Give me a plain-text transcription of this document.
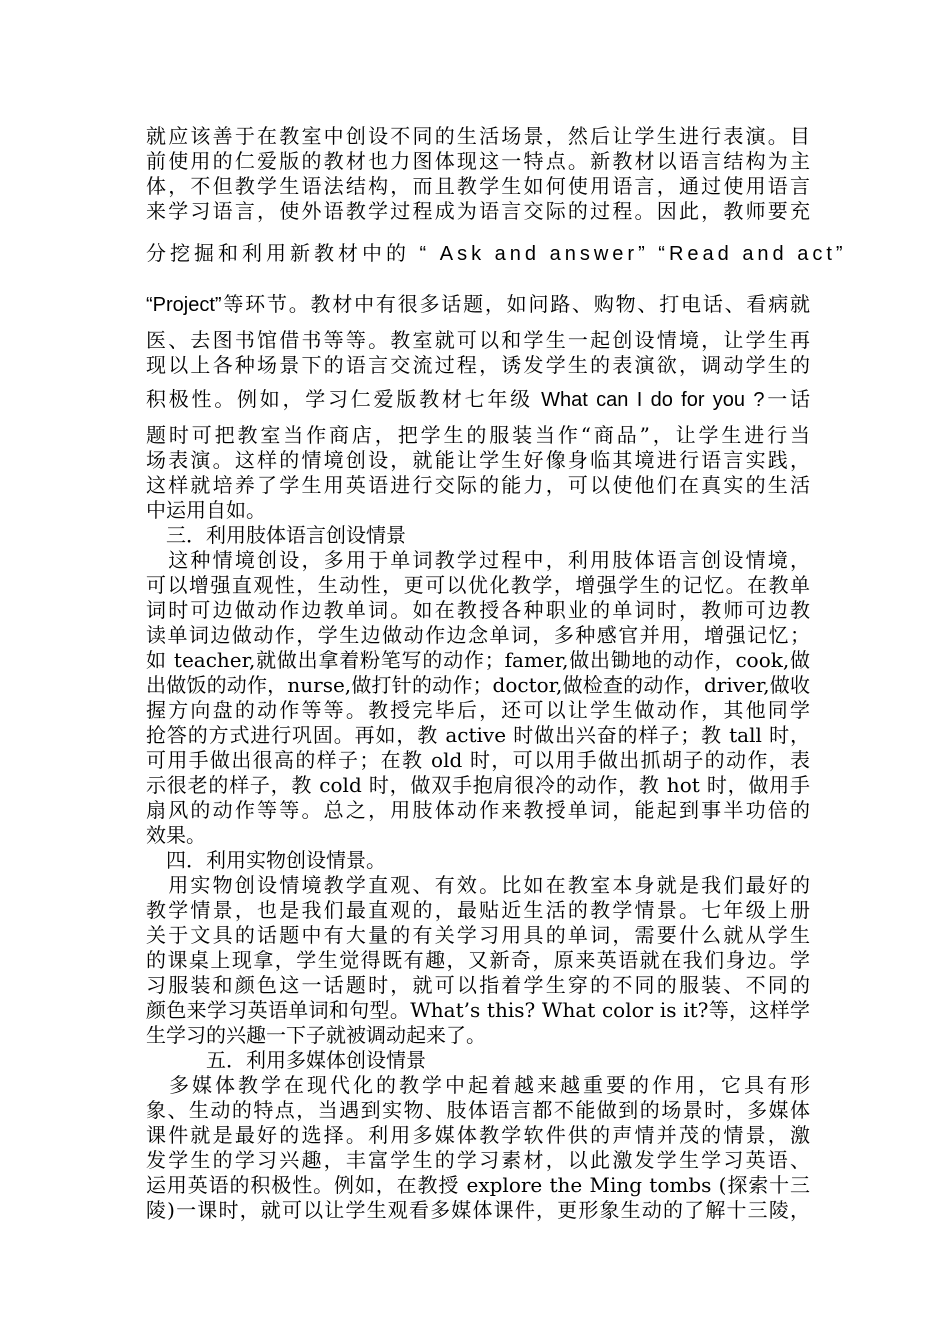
就应该善于在教室中创设不同的生活场景，然后让学生进行表演。目
前使用的仁爱版的教材也力图体现这一特点。新教材以语言结构为主
体，不但教学生语法结构，而且教学生如何使用语言，通过使用语言
来学习语言，使外语教学过程成为语言交际的过程。因此，教师要充
分挖掘和利用新教材中的 “ Ask and answer” “Read and act”
“Project”等环节。教材中有很多话题，如问路、购物、打电话、看病就
医、去图书馆借书等等。教室就可以和学生一起创设情境，让学生再
现以上各种场景下的语言交流过程，诱发学生的表演欲，调动学生的
积极性。例如，学习仁爱版教材七年级 What can I do for you ?一话
题时可把教室当作商店，把学生的服装当作“商品”，让学生进行当
场表演。这样的情境创设，就能让学生好像身临其境进行语言实践，
这样就培养了学生用英语进行交际的能力，可以使他们在真实的生活
中运用自如。
　三．利用肢体语言创设情景
　这种情境创设，多用于单词教学过程中，利用肢体语言创设情境，
可以增强直观性，生动性，更可以优化教学，增强学生的记忆。在教单
词时可边做动作边教单词。如在教授各种职业的单词时，教师可边教
读单词边做动作，学生边做动作边念单词，多种感官并用，增强记忆；
如 teacher,就做出拿着粉笔写的动作；famer,做出锄地的动作，cook,做
出做饭的动作，nurse,做打针的动作；doctor,做检查的动作，driver,做收
握方向盘的动作等等。教授完毕后，还可以让学生做动作，其他同学
抢答的方式进行巩固。再如，教 active 时做出兴奋的样子；教 tall 时，
可用手做出很高的样子；在教 old 时，可以用手做出抓胡子的动作，表
示很老的样子，教 cold 时，做双手抱肩很冷的动作，教 hot 时，做用手
扇风的动作等等。总之，用肢体动作来教授单词，能起到事半功倍的
效果。
　四．利用实物创设情景。
　用实物创设情境教学直观、有效。比如在教室本身就是我们最好的
教学情景，也是我们最直观的，最贴近生活的教学情景。七年级上册
关于文具的话题中有大量的有关学习用具的单词，需要什么就从学生
的课桌上现拿，学生觉得既有趣，又新奇，原来英语就在我们身边。学
习服装和颜色这一话题时，就可以指着学生穿的不同的服装、不同的
颜色来学习英语单词和句型。What’s this? What color is it?等，这样学
生学习的兴趣一下子就被调动起来了。
　　　五．利用多媒体创设情景
　多媒体教学在现代化的教学中起着越来越重要的作用，它具有形
象、生动的特点，当遇到实物、肢体语言都不能做到的场景时，多媒体
课件就是最好的选择。利用多媒体教学软件供的声情并茂的情景，激
发学生的学习兴趣，丰富学生的学习素材，以此激发学生学习英语、
运用英语的积极性。例如，在教授 explore the Ming tombs (探索十三
陵)一课时，就可以让学生观看多媒体课件，更形象生动的了解十三陵，
